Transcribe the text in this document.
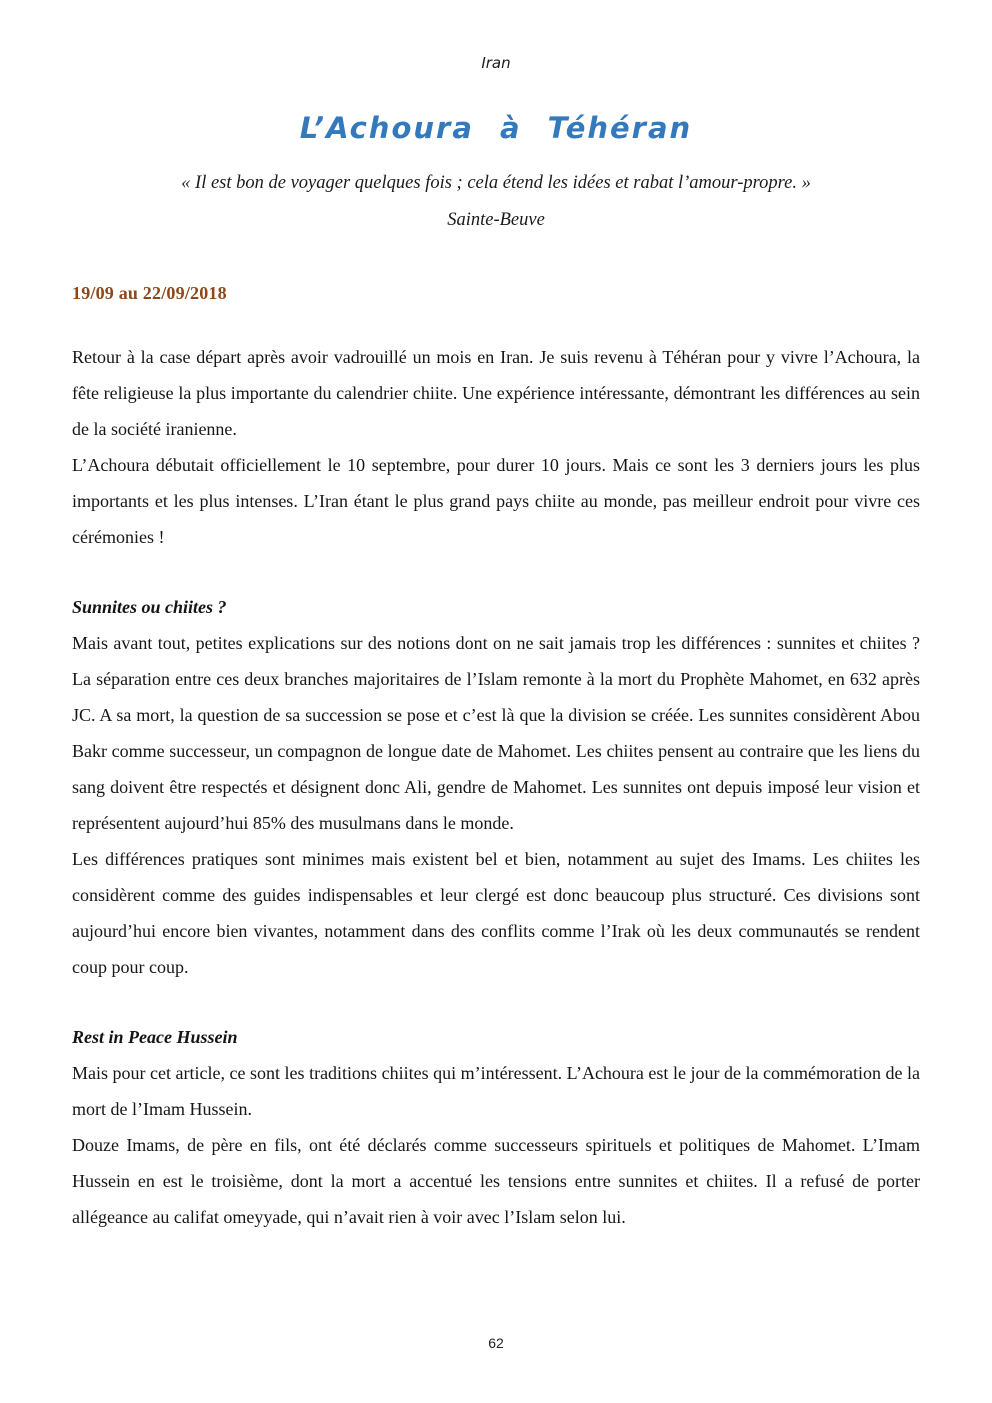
Iran
L’Achoura à Téhéran
« Il est bon de voyager quelques fois ; cela étend les idées et rabat l’amour-propre. »
Sainte-Beuve
19/09 au 22/09/2018

Retour à la case départ après avoir vadrouillé un mois en Iran. Je suis revenu à Téhéran pour y vivre l’Achoura, la fête religieuse la plus importante du calendrier chiite. Une expérience intéressante, démontrant les différences au sein de la société iranienne.

L’Achoura débutait officiellement le 10 septembre, pour durer 10 jours. Mais ce sont les 3 derniers jours les plus importants et les plus intenses. L’Iran étant le plus grand pays chiite au monde, pas meilleur endroit pour vivre ces cérémonies !

Sunnites ou chiites ?

Mais avant tout, petites explications sur des notions dont on ne sait jamais trop les différences : sunnites et chiites ? La séparation entre ces deux branches majoritaires de l’Islam remonte à la mort du Prophète Mahomet, en 632 après JC. A sa mort, la question de sa succession se pose et c’est là que la division se créée. Les sunnites considèrent Abou Bakr comme successeur, un compagnon de longue date de Mahomet. Les chiites pensent au contraire que les liens du sang doivent être respectés et désignent donc Ali, gendre de Mahomet. Les sunnites ont depuis imposé leur vision et représentent aujourd’hui 85% des musulmans dans le monde.

Les différences pratiques sont minimes mais existent bel et bien, notamment au sujet des Imams. Les chiites les considèrent comme des guides indispensables et leur clergé est donc beaucoup plus structuré. Ces divisions sont aujourd’hui encore bien vivantes, notamment dans des conflits comme l’Irak où les deux communautés se rendent coup pour coup.

Rest in Peace Hussein

Mais pour cet article, ce sont les traditions chiites qui m’intéressent. L’Achoura est le jour de la commémoration de la mort de l’Imam Hussein.

Douze Imams, de père en fils, ont été déclarés comme successeurs spirituels et politiques de Mahomet. L’Imam Hussein en est le troisième, dont la mort a accentué les tensions entre sunnites et chiites. Il a refusé de porter allégeance au califat omeyyade, qui n’avait rien à voir avec l’Islam selon lui.

62
